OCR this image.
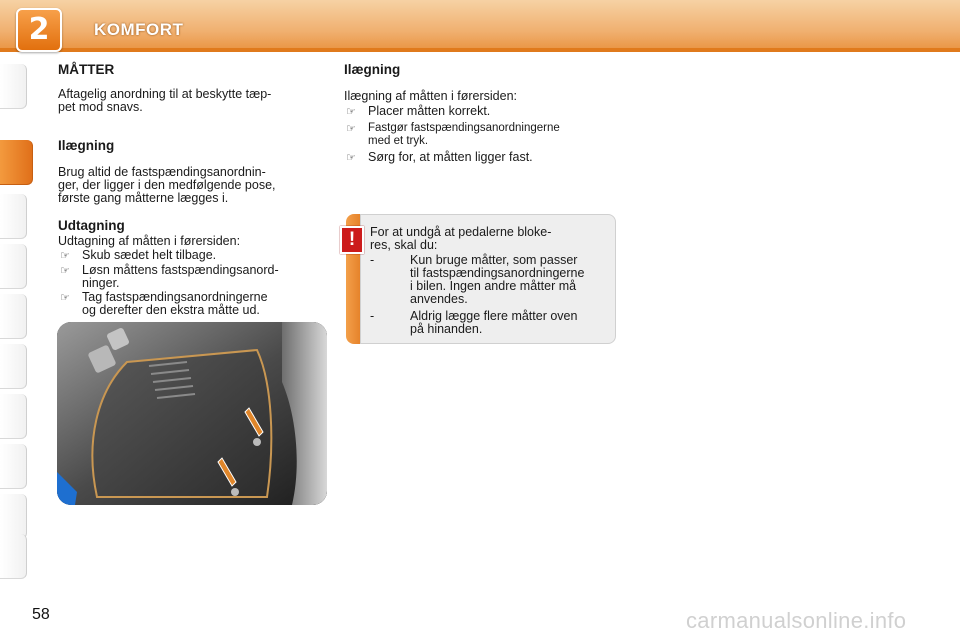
2	KOMFORT
MÅTTER
Aftagelig anordning til at beskytte tæp-
pet mod snavs.
Ilægning
Brug altid de fastspændingsanordnin-
ger, der ligger i den medfølgende pose,
første gang måtterne lægges i.
Udtagning
Udtagning af måtten i førersiden:
☞ Skub sædet helt tilbage.
☞ Løsn måttens fastspændingsanord-
ninger.
☞ Tag fastspændingsanordningerne
og derefter den ekstra måtte ud.
Ilægning
Ilægning af måtten i førersiden:
☞ Placer måtten korrekt.
☞ Fastgør fastspændingsanordningerne
med et tryk.
☞ Sørg for, at måtten ligger fast.
!	For at undgå at pedalerne bloke-
res, skal du:
-	Kun bruge måtter, som passer
til fastspændingsanordningerne
i bilen. Ingen andre måtter må
anvendes.
-	Aldrig lægge flere måtter oven
på hinanden.
58	carmanualsonline.info
